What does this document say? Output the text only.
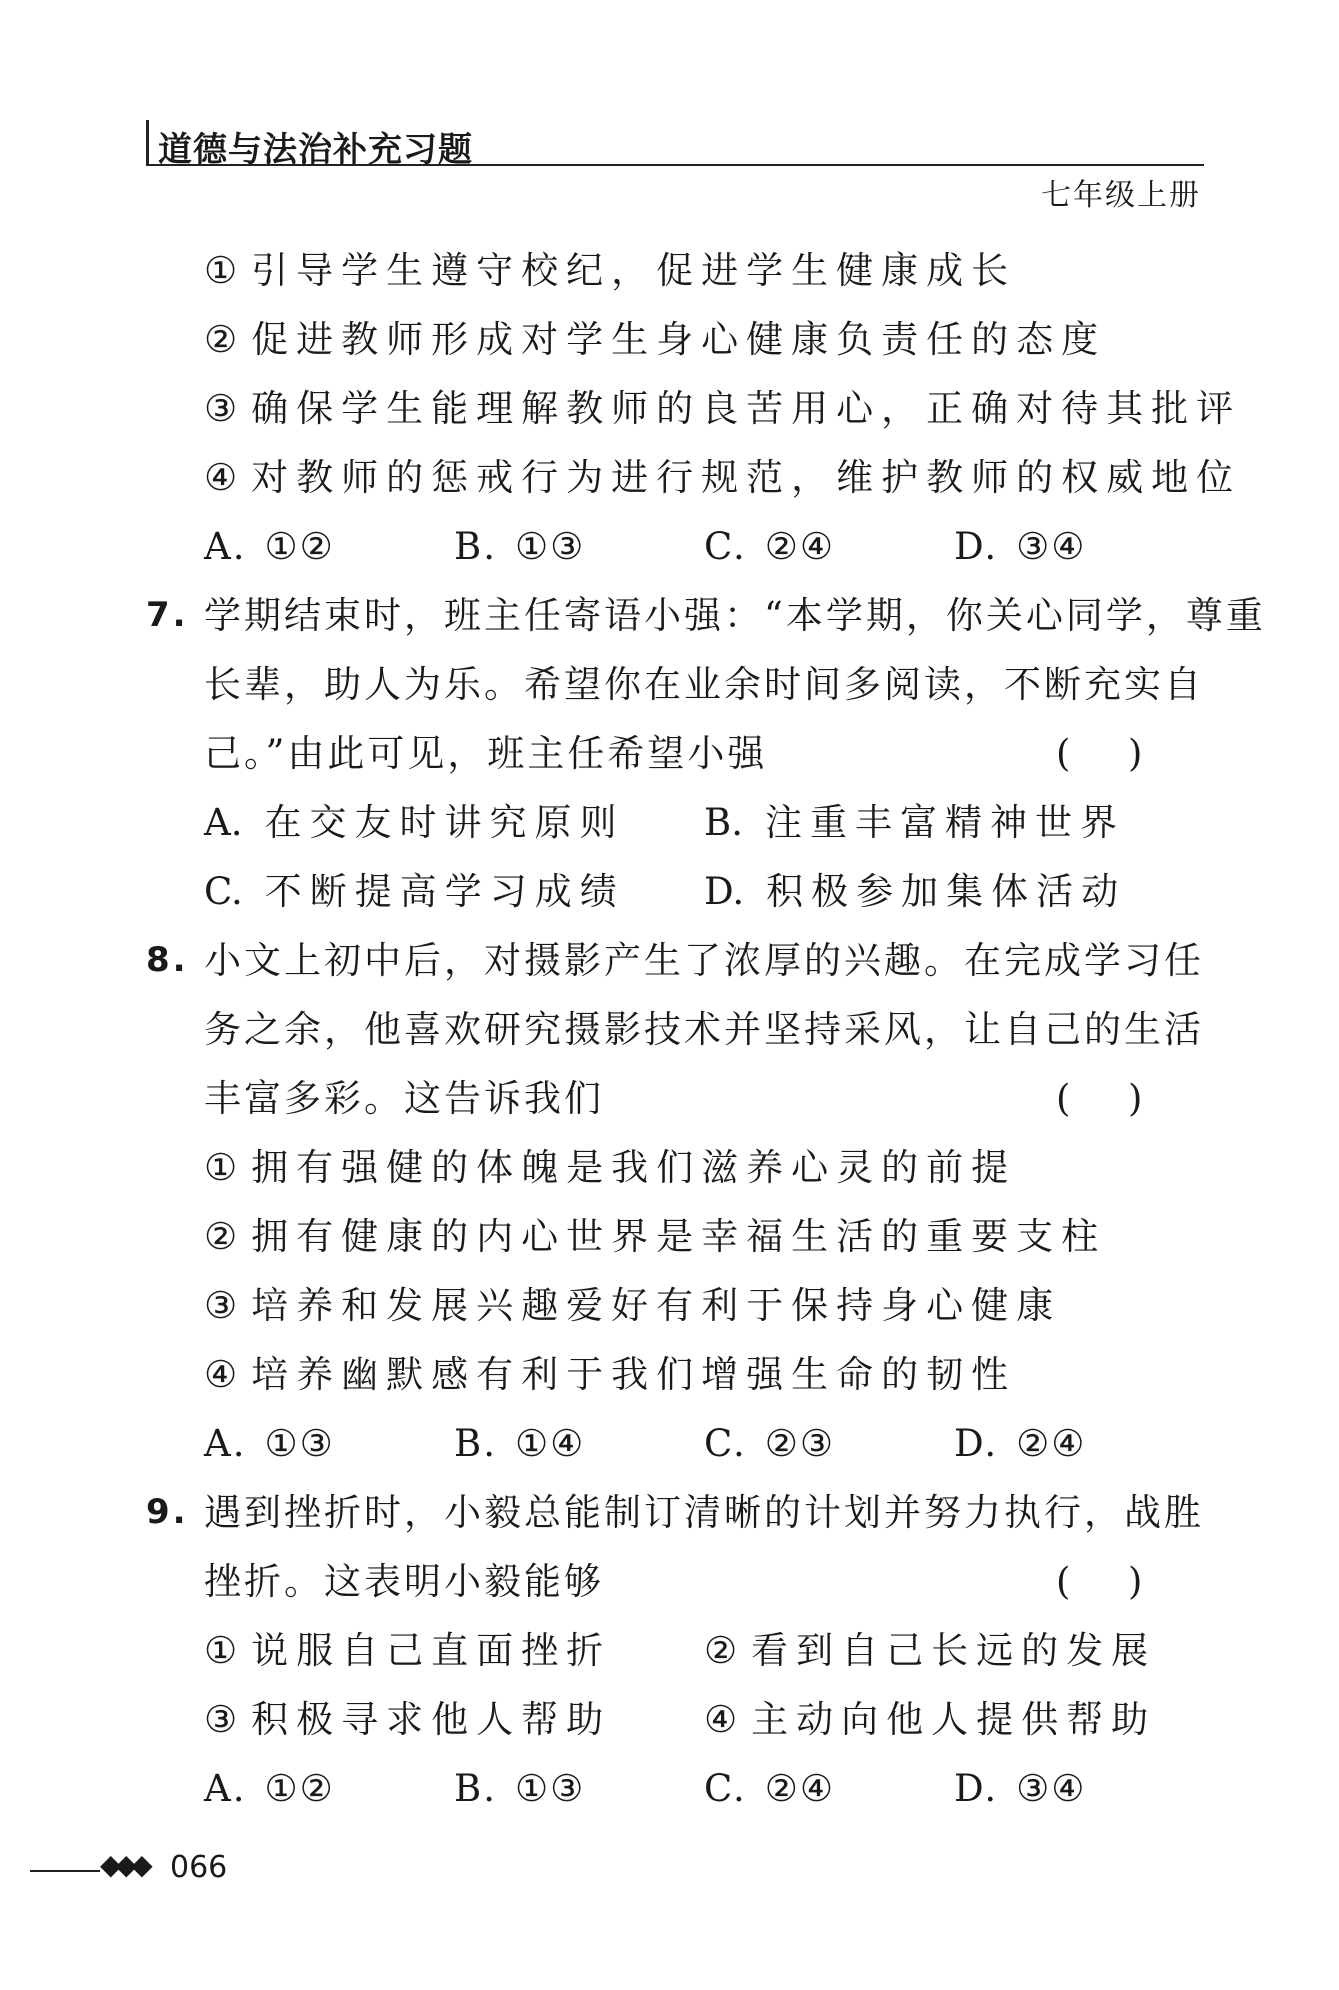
道德与法治补充习题
七年级上册
① 引导学生遵守校纪，促进学生健康成长
② 促进教师形成对学生身心健康负责任的态度
③ 确保学生能理解教师的良苦用心，正确对待其批评
④ 对教师的惩戒行为进行规范，维护教师的权威地位
A. ①②	B. ①③	C. ②④	D. ③④
7. 学期结束时，班主任寄语小强：“本学期，你关心同学，尊重
长辈，助人为乐。希望你在业余时间多阅读，不断充实自
己。”由此可见，班主任希望小强	( )
A. 在交友时讲究原则	B. 注重丰富精神世界
C. 不断提高学习成绩	D. 积极参加集体活动
8. 小文上初中后，对摄影产生了浓厚的兴趣。在完成学习任
务之余，他喜欢研究摄影技术并坚持采风，让自己的生活
丰富多彩。这告诉我们	( )
① 拥有强健的体魄是我们滋养心灵的前提
② 拥有健康的内心世界是幸福生活的重要支柱
③ 培养和发展兴趣爱好有利于保持身心健康
④ 培养幽默感有利于我们增强生命的韧性
A. ①③	B. ①④	C. ②③	D. ②④
9. 遇到挫折时，小毅总能制订清晰的计划并努力执行，战胜
挫折。这表明小毅能够	( )
① 说服自己直面挫折	② 看到自己长远的发展
③ 积极寻求他人帮助	④ 主动向他人提供帮助
A. ①②	B. ①③	C. ②④	D. ③④
◆◆◆ 066
